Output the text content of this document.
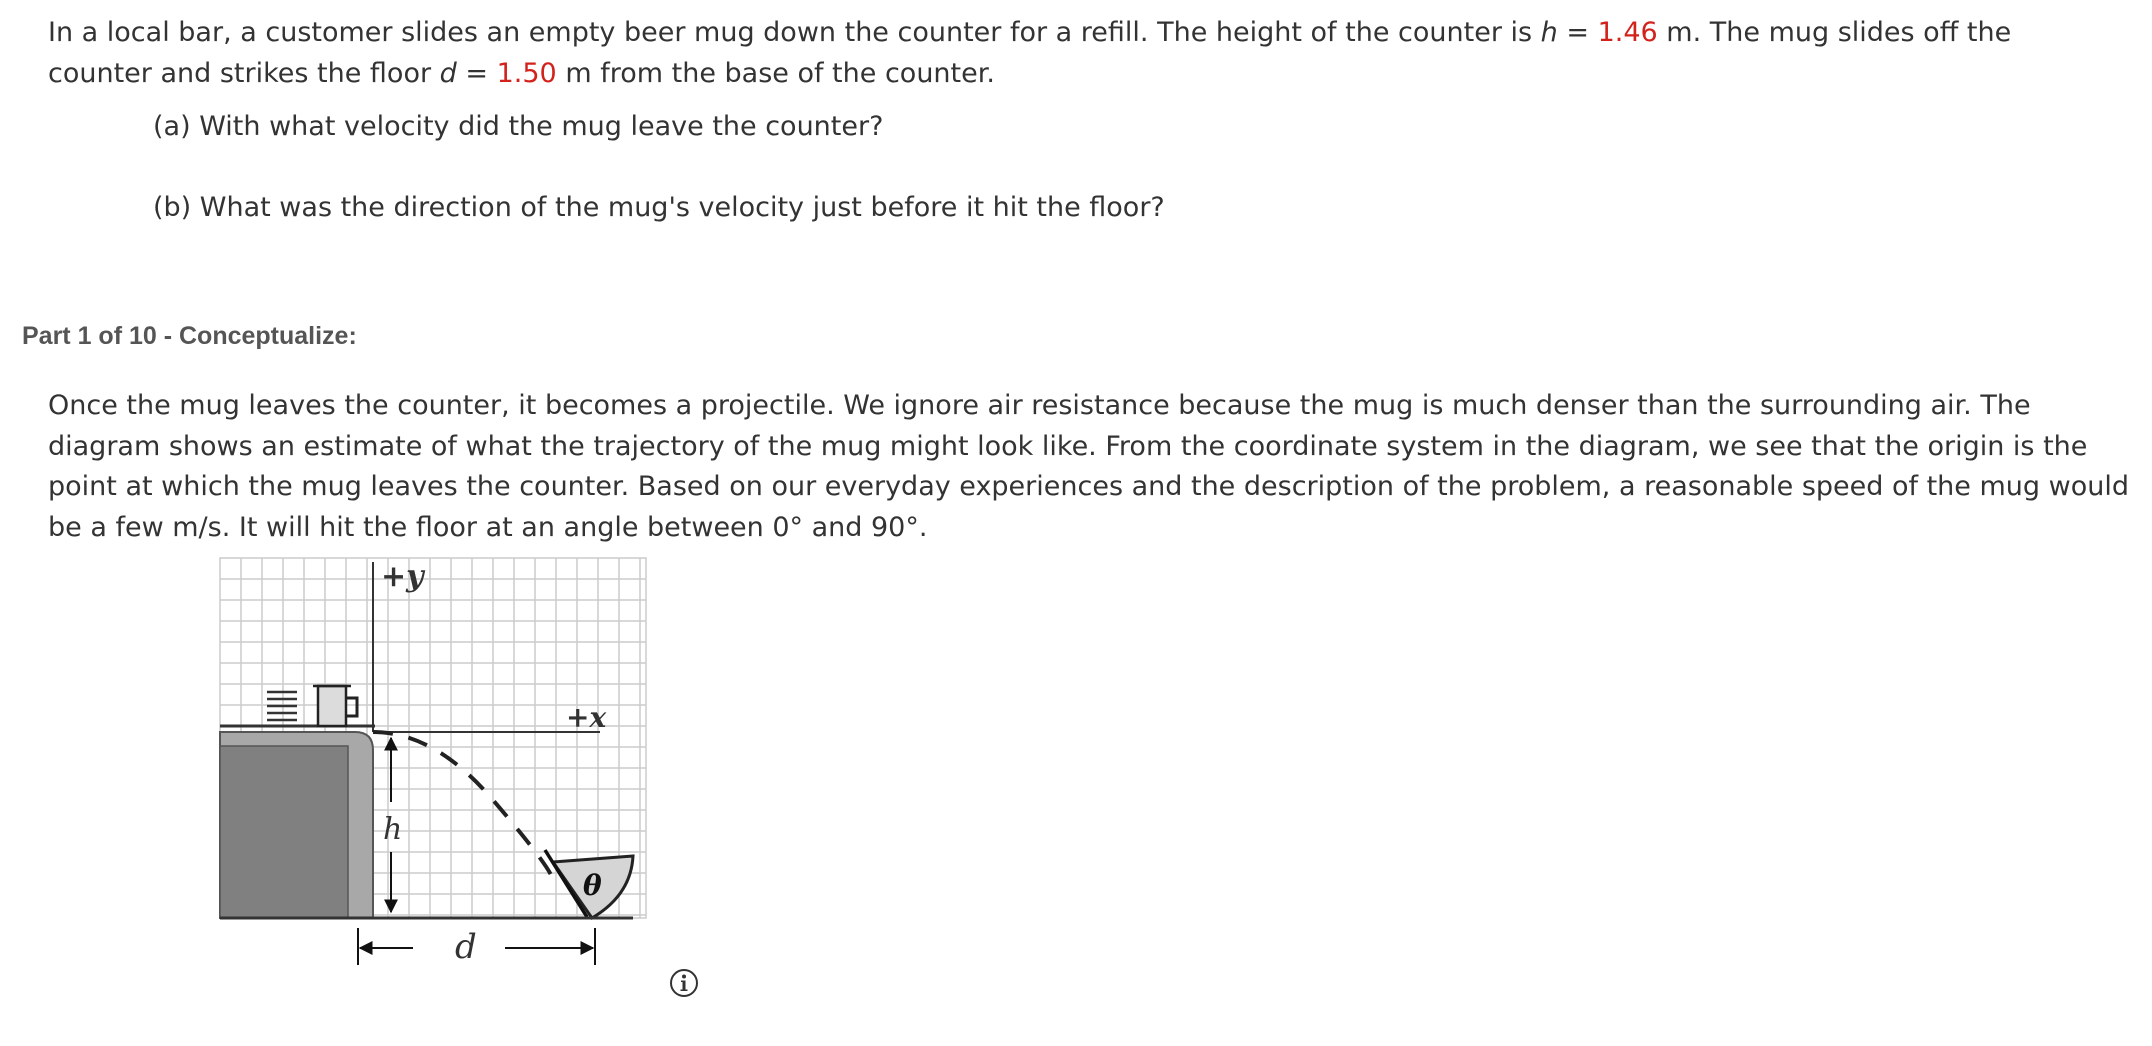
In a local bar, a customer slides an empty beer mug down the counter for a refill. The height of the counter is h = 1.46 m. The mug slides off the counter and strikes the floor d = 1.50 m from the base of the counter.
(a) With what velocity did the mug leave the counter?
(b) What was the direction of the mug's velocity just before it hit the floor?
Part 1 of 10 - Conceptualize:
Once the mug leaves the counter, it becomes a projectile. We ignore air resistance because the mug is much denser than the surrounding air. The diagram shows an estimate of what the trajectory of the mug might look like. From the coordinate system in the diagram, we see that the origin is the point at which the mug leaves the counter. Based on our everyday experiences and the description of the problem, a reasonable speed of the mug would be a few m/s. It will hit the floor at an angle between 0° and 90°.
+y
+x
θ
h
d
